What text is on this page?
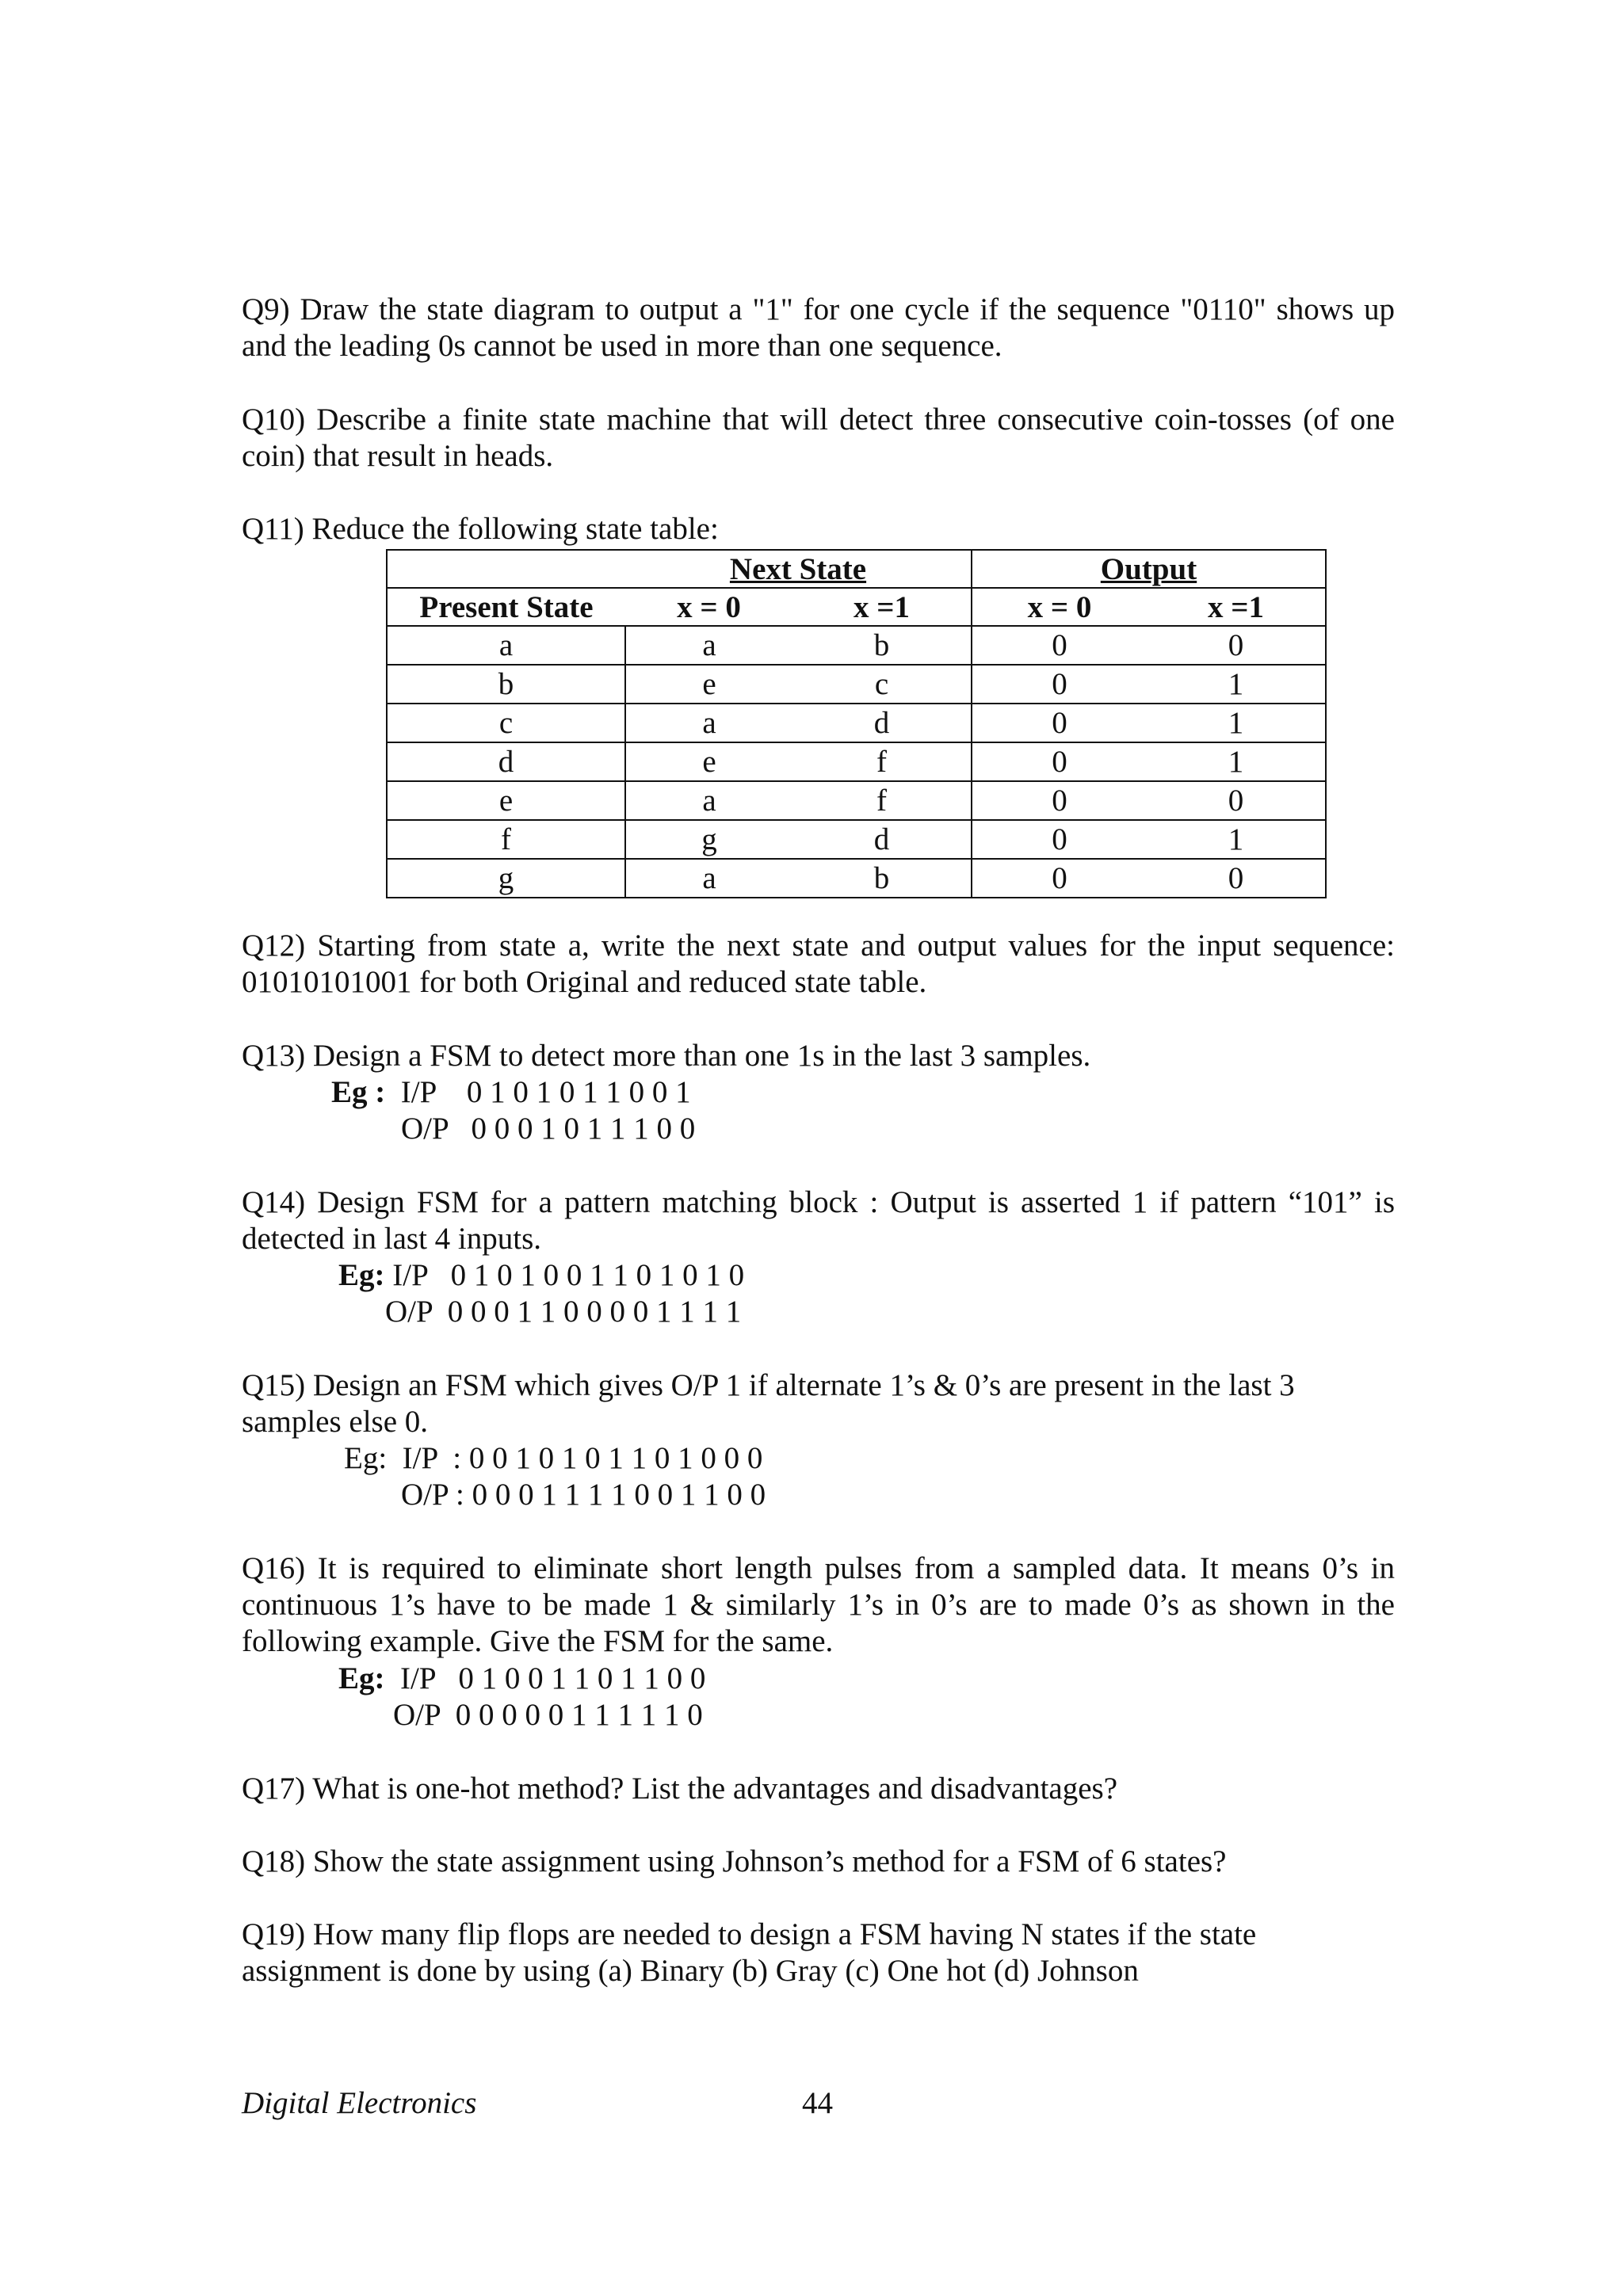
Q9) Draw the state diagram to output a "1" for one cycle if the sequence "0110" shows up and the leading 0s cannot be used in more than one sequence.

Q10) Describe a finite state machine that will detect three consecutive coin-tosses (of one coin) that result in heads.

Q11) Reduce the following state table:

	Next State		Output	
Present State	x = 0	x =1	x = 0	x =1
a	a	b	0	0
b	e	c	0	1
c	a	d	0	1
d	e	f	0	1
e	a	f	0	0
f	g	d	0	1
g	a	b	0	0

Q12) Starting from state a, write the next state and output values for the input sequence: 01010101001 for both Original and reduced state table.

Q13) Design a FSM to detect more than one 1s in the last 3 samples.

Eg : I/P    0 1 0 1 0 1 1 0 0 1
O/P   0 0 0 1 0 1 1 1 0 0

Q14) Design FSM for a pattern matching block : Output is asserted 1 if pattern “101” is detected in last 4 inputs.

Eg: I/P   0 1 0 1 0 0 1 1 0 1 0 1 0
O/P  0 0 0 1 1 0 0 0 0 1 1 1 1

Q15) Design an FSM which gives O/P 1 if alternate 1’s & 0’s are present in the last 3 samples else 0.

Eg:  I/P  : 0 0 1 0 1 0 1 1 0 1 0 0 0
O/P : 0 0 0 1 1 1 1 0 0 1 1 0 0

Q16) It is required to eliminate short length pulses from a sampled data. It means 0’s in continuous 1’s have to be made 1 & similarly 1’s in 0’s are to made 0’s as shown in the following example. Give the FSM for the same.

Eg:  I/P   0 1 0 0 1 1 0 1 1 0 0
O/P  0 0 0 0 0 1 1 1 1 1 0

Q17) What is one-hot method? List the advantages and disadvantages?

Q18) Show the state assignment using Johnson’s method for a FSM of 6 states?

Q19) How many flip flops are needed to design a FSM having N states if the state assignment is done by using (a) Binary (b) Gray (c) One hot (d) Johnson

Digital Electronics	44
